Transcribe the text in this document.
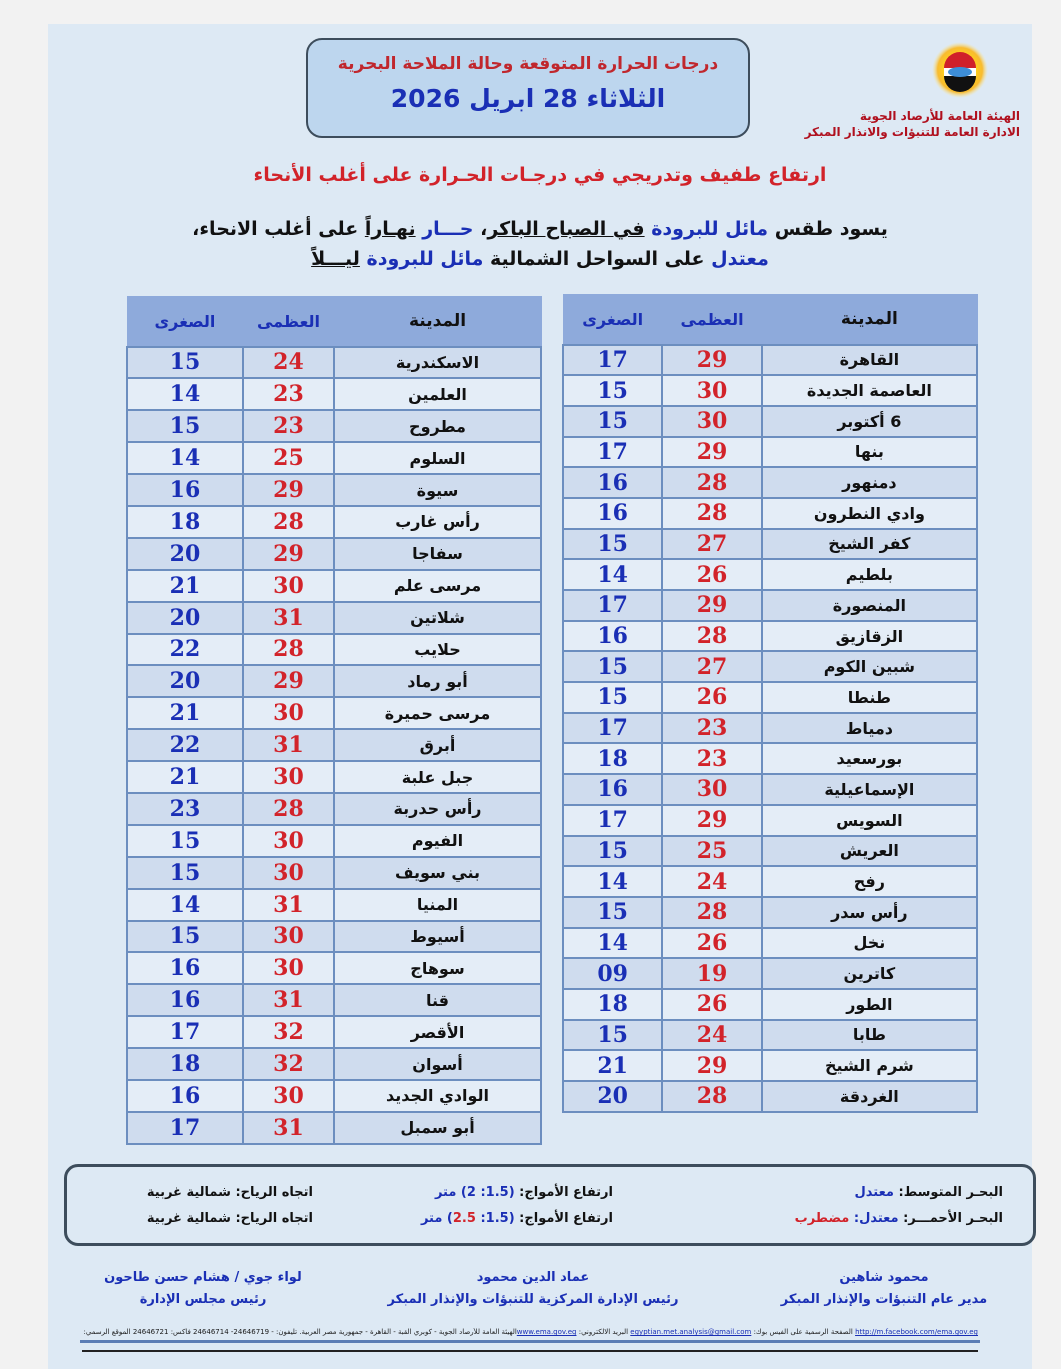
درجات الحرارة المتوقعة وحالة الملاحة البحرية
الثلاثاء 28 ابريل 2026
الهيئة العامة للأرصاد الجوية
الادارة العامة للتنبؤات والانذار المبكر
ارتفاع طفيف وتدريجي في درجـات الحـرارة على أغلب الأنحاء
يسود طقس مائل للبرودة في الصباح الباكر، حـــار نهـاراً على أغلب الانحاء،
معتدل على السواحل الشمالية مائل للبرودة ليـــلاً
المدينة	العظمى	الصغرى
القاهرة	29	17
العاصمة الجديدة	30	15
6 أكتوبر	30	15
بنها	29	17
دمنهور	28	16
وادي النطرون	28	16
كفر الشيخ	27	15
بلطيم	26	14
المنصورة	29	17
الزقازيق	28	16
شبين الكوم	27	15
طنطا	26	15
دمياط	23	17
بورسعيد	23	18
الإسماعيلية	30	16
السويس	29	17
العريش	25	15
رفح	24	14
رأس سدر	28	15
نخل	26	14
كاترين	19	09
الطور	26	18
طابا	24	15
شرم الشيخ	29	21
الغردقة	28	20
المدينة	العظمى	الصغرى
الاسكندرية	24	15
العلمين	23	14
مطروح	23	15
السلوم	25	14
سيوة	29	16
رأس غارب	28	18
سفاجا	29	20
مرسى علم	30	21
شلاتين	31	20
حلايب	28	22
أبو رماد	29	20
مرسى حميرة	30	21
أبرق	31	22
جبل علبة	30	21
رأس حدربة	28	23
الفيوم	30	15
بني سويف	30	15
المنيا	31	14
أسيوط	30	15
سوهاج	30	16
قنا	31	16
الأقصر	32	17
أسوان	32	18
الوادي الجديد	30	16
أبو سمبل	31	17
البحـر المتوسط: معتدل
ارتفاع الأمواج: (1.5: 2) متر
اتجاه الرياح: شمالية غربية
البحـر الأحمـــر: معتدل: مضطرب
ارتفاع الأمواج: (1.5: 2.5) متر
اتجاه الرياح: شمالية غربية
محمود شاهين
مدير عام التنبؤات والإنذار المبكر
عماد الدين محمود
رئيس الإدارة المركزية للتنبؤات والإنذار المبكر
لواء جوي / هشام حسن طاحون
رئيس مجلس الإدارة
http://m.facebook.com/ema.gov.eg الصفحة الرسمية على الفيس بوك: egyptian.met.analysis@gmail.com البريد الالكتروني: www.ema.gov.egالهيئة العامة للأرصاد الجوية - كوبري القبة - القاهرة - جمهورية مصر العربية. تليفون: - 24646719- 24646714 فاكس: 24646721 الموقع الرسمي:
